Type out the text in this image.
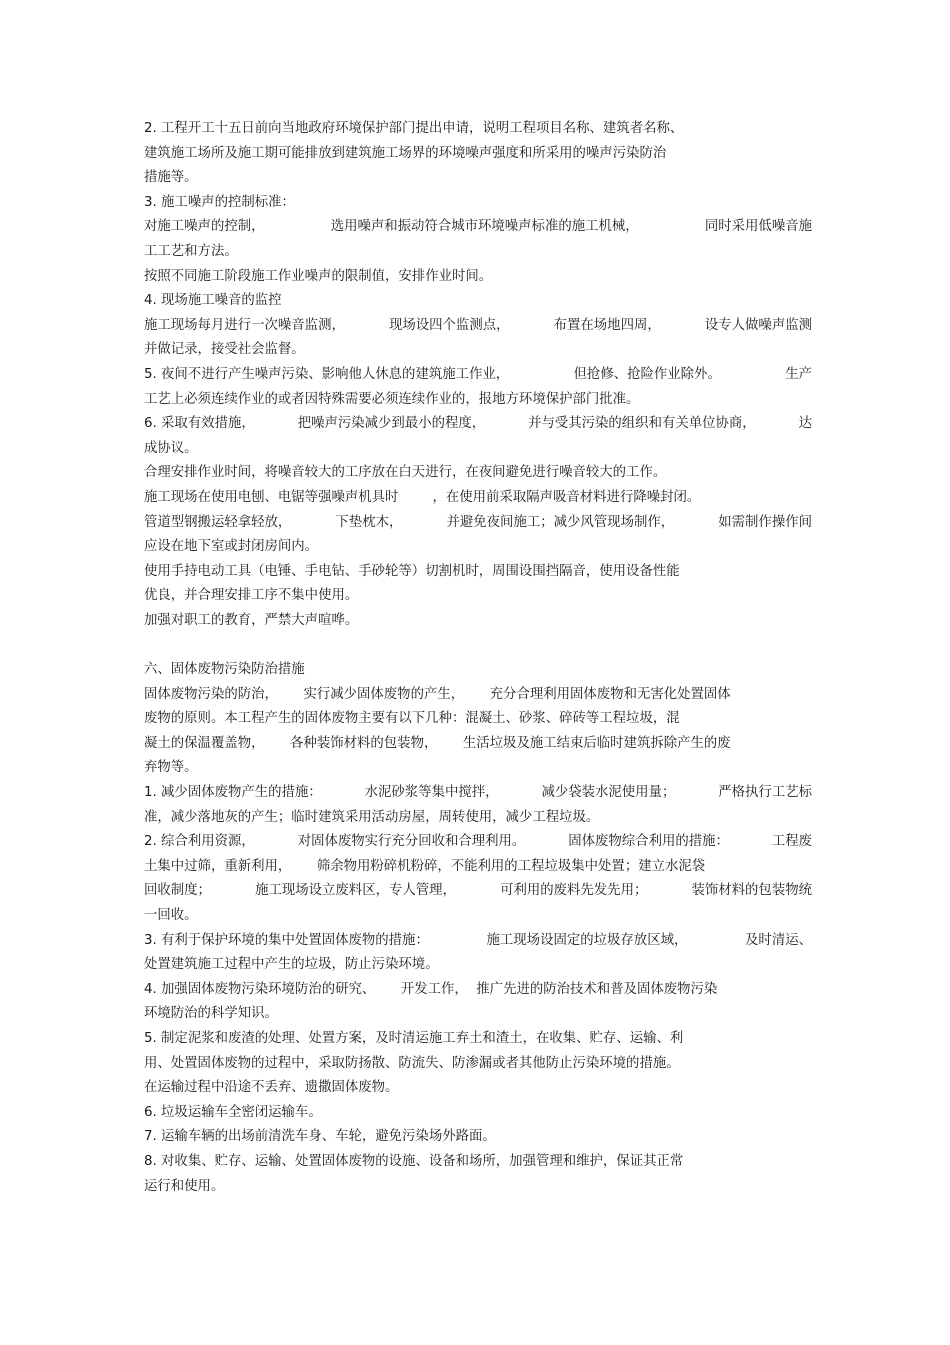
2. 工程开工十五日前向当地政府环境保护部门提出申请，说明工程项目名称、建筑者名称、
建筑施工场所及施工期可能排放到建筑施工场界的环境噪声强度和所采用的噪声污染防治
措施等。
3. 施工噪声的控制标准：
对施工噪声的控制，	选用噪声和振动符合城市环境噪声标准的施工机械，	同时采用低噪音施
工工艺和方法。
按照不同施工阶段施工作业噪声的限制值，安排作业时间。
4. 现场施工噪音的监控
施工现场每月进行一次噪音监测，	现场设四个监测点，	布置在场地四周，	设专人做噪声监测
并做记录，接受社会监督。
5. 夜间不进行产生噪声污染、影响他人休息的建筑施工作业，	但抢修、抢险作业除外。	生产
工艺上必须连续作业的或者因特殊需要必须连续作业的，报地方环境保护部门批准。
6. 采取有效措施，	把噪声污染减少到最小的程度，	并与受其污染的组织和有关单位协商，	达
成协议。
合理安排作业时间，将噪音较大的工序放在白天进行，在夜间避免进行噪音较大的工作。
施工现场在使用电刨、电锯等强噪声机具时        ，在使用前采取隔声吸音材料进行降噪封闭。
管道型钢搬运轻拿轻放，	下垫枕木，	并避免夜间施工；减少风管现场制作，	如需制作操作间
应设在地下室或封闭房间内。
使用手持电动工具（电锤、手电钻、手砂轮等）切割机时，周围设围挡隔音，使用设备性能
优良，并合理安排工序不集中使用。
加强对职工的教育，严禁大声喧哗。
六、固体废物污染防治措施
固体废物污染的防治，      实行减少固体废物的产生，      充分合理利用固体废物和无害化处置固体
废物的原则。本工程产生的固体废物主要有以下几种：混凝土、砂浆、碎砖等工程垃圾，混
凝土的保温覆盖物，      各种装饰材料的包装物，      生活垃圾及施工结束后临时建筑拆除产生的废
弃物等。
1. 减少固体废物产生的措施：	水泥砂浆等集中搅拌，	减少袋装水泥使用量；	严格执行工艺标
准，减少落地灰的产生；临时建筑采用活动房屋，周转使用，减少工程垃圾。
2. 综合利用资源，	对固体废物实行充分回收和合理利用。	固体废物综合利用的措施：	工程废
土集中过筛，重新利用，      筛余物用粉碎机粉碎，不能利用的工程垃圾集中处置；建立水泥袋
回收制度；	施工现场设立废料区，专人管理，	可利用的废料先发先用；	装饰材料的包装物统
一回收。
3. 有利于保护环境的集中处置固体废物的措施：	施工现场设固定的垃圾存放区域，	及时清运、
处置建筑施工过程中产生的垃圾，防止污染环境。
4. 加强固体废物污染环境防治的研究、      开发工作，  推广先进的防治技术和普及固体废物污染
环境防治的科学知识。
5. 制定泥浆和废渣的处理、处置方案，及时清运施工弃土和渣土，在收集、贮存、运输、利
用、处置固体废物的过程中，采取防扬散、防流失、防渗漏或者其他防止污染环境的措施。
在运输过程中沿途不丢弃、遗撒固体废物。
6. 垃圾运输车全密闭运输车。
7. 运输车辆的出场前清洗车身、车轮，避免污染场外路面。
8. 对收集、贮存、运输、处置固体废物的设施、设备和场所，加强管理和维护，保证其正常
运行和使用。
